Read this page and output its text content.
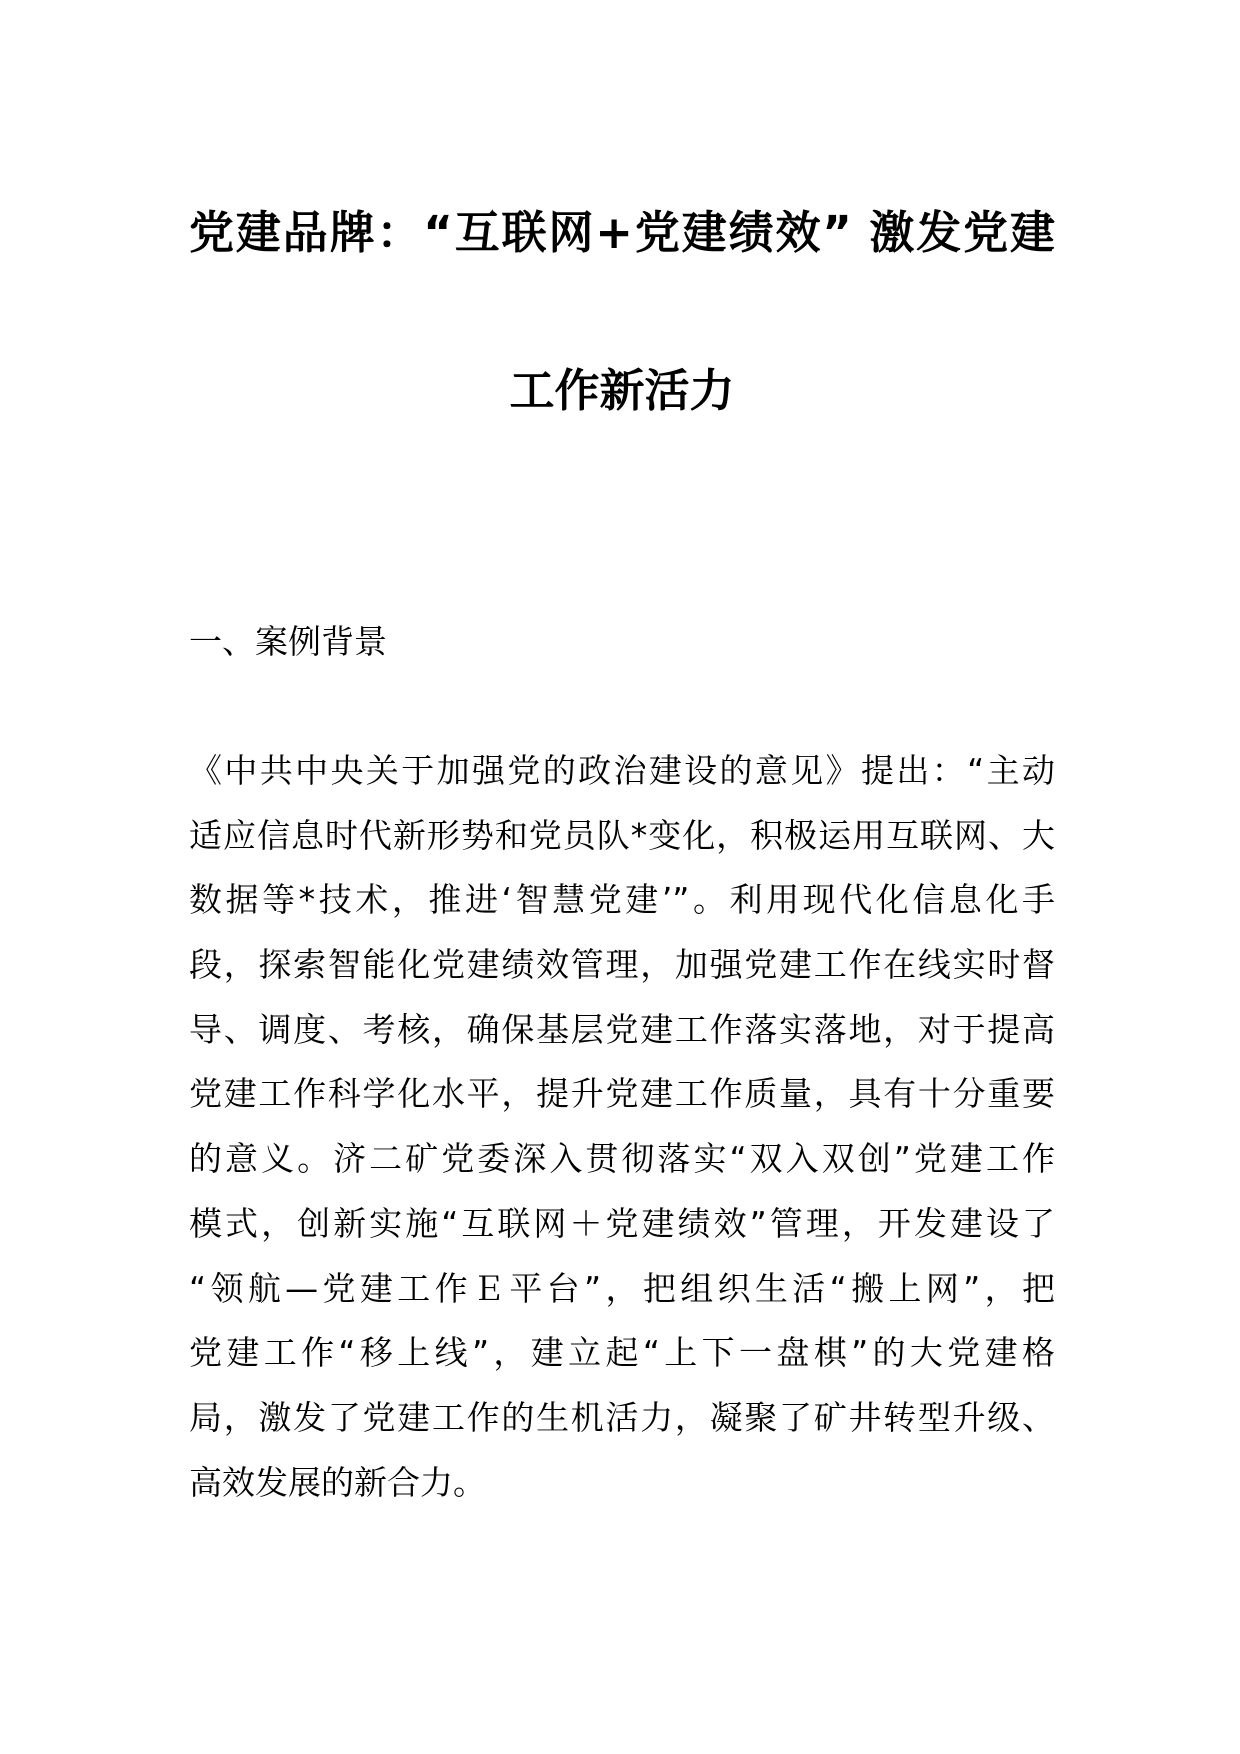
党建品牌：“互联网+党建绩效” 激发党建
工作新活力
一、案例背景
《中共中央关于加强党的政治建设的意见》提出：“主动
适应信息时代新形势和党员队*变化，积极运用互联网、大
数据等*技术，推进‘智慧党建’”。利用现代化信息化手
段，探索智能化党建绩效管理，加强党建工作在线实时督
导、调度、考核，确保基层党建工作落实落地，对于提高
党建工作科学化水平，提升党建工作质量，具有十分重要
的意义。济二矿党委深入贯彻落实“双入双创”党建工作
模式，创新实施“互联网＋党建绩效”管理，开发建设了
“领航—党建工作Ｅ平台”，把组织生活“搬上网”，把
党建工作“移上线”，建立起“上下一盘棋”的大党建格
局，激发了党建工作的生机活力，凝聚了矿井转型升级、
高效发展的新合力。
